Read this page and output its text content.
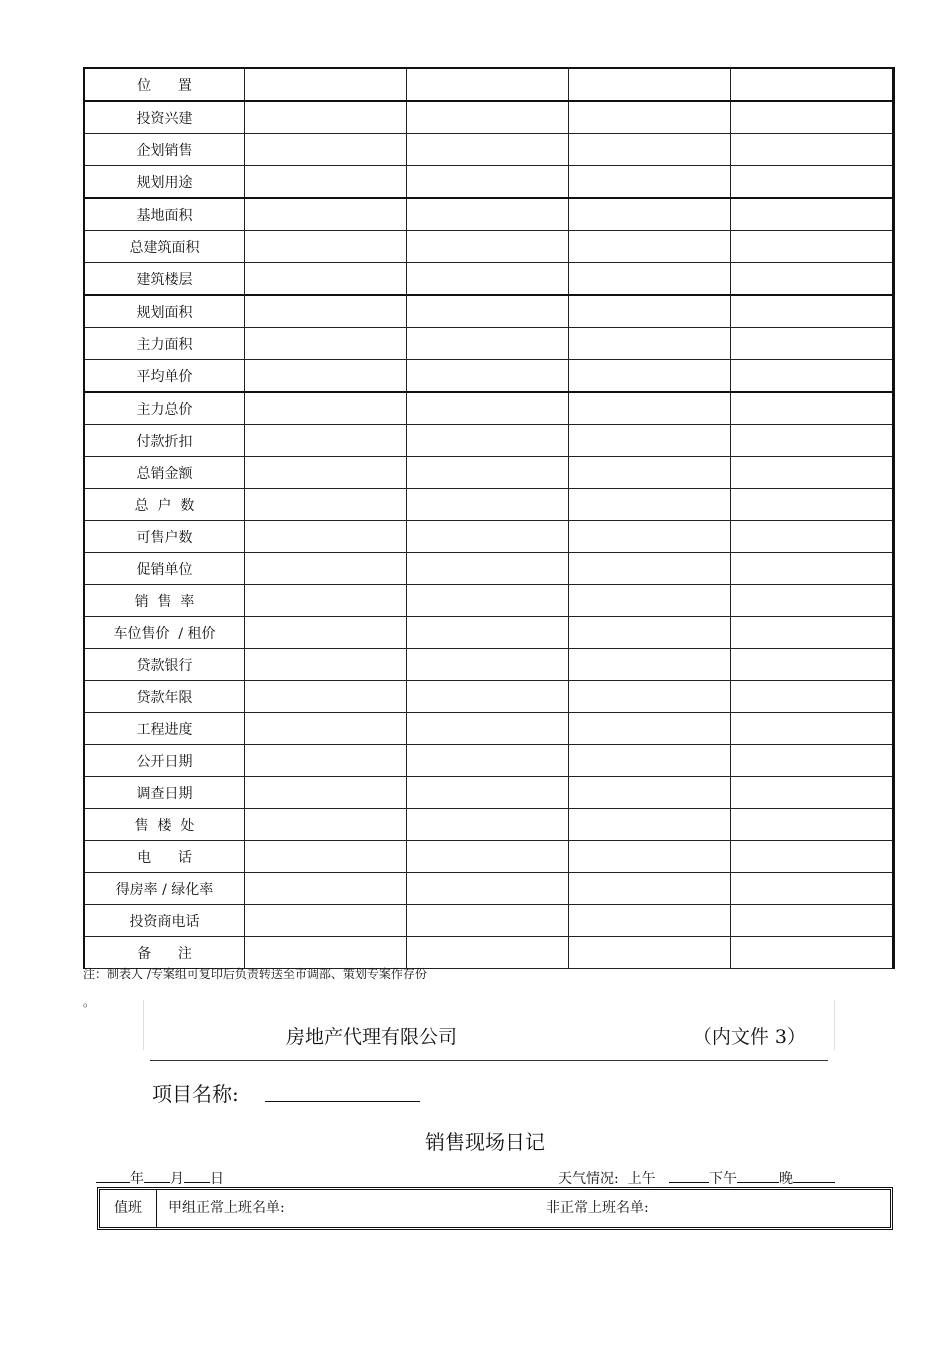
位      置				
投资兴建				
企划销售				
规划用途				
基地面积				
总建筑面积				
建筑楼层				
规划面积				
主力面积				
平均单价				
主力总价				
付款折扣				
总销金额				
总  户  数				
可售户数				
促销单位				
销  售  率				
车位售价  / 租价				
贷款银行				
贷款年限				
工程进度				
公开日期				
调查日期				
售  楼  处				
电      话				
得房率 / 绿化率				
投资商电话				
备      注				
注：制表人 /专案组可复印后负责转送至市调部、策划专案作存份
。
房地产代理有限公司	（内文件 3）
项目名称:
销售现场日记
年 月 日	天气情况:  上午	下午	晚
值班	甲组正常上班名单:	非正常上班名单:
